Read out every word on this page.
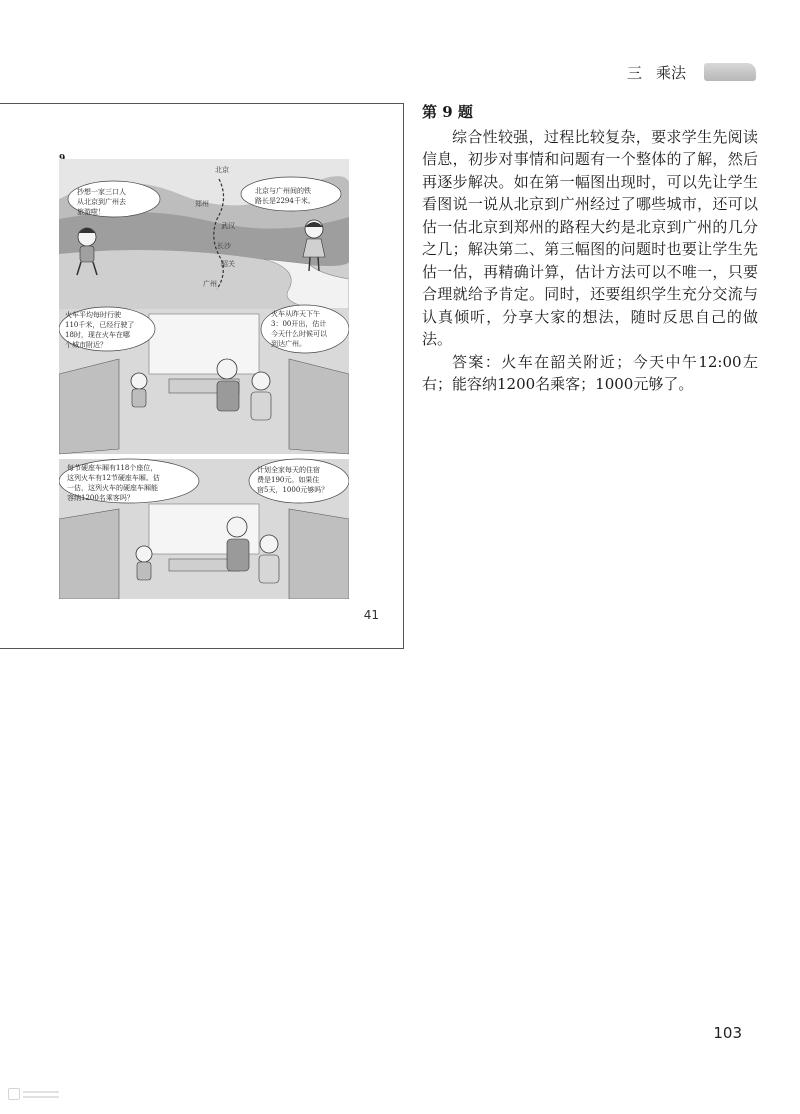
三 乘法
抄想一家三口人
从北京到广州去
旅游啦！
北京与广州间的铁
路长是2294千米。
火车平均每时行驶
110千米，已经行驶了
18时，现在火车在哪
个城市附近？
火车从昨天下午
3：00开出，估计
今天什么时候可以
到达广州。
每节硬座车厢有118个座位，
这列火车有12节硬座车厢。估
一估，这列火车的硬座车厢能
容纳1200名乘客吗？
计划全家每天的住宿
费是190元。如果住
宿5天，1000元够吗？
北京
郑州
武汉
长沙
韶关
广州
41
第 9 题

综合性较强，过程比较复杂，要求学生先阅读信息，初步对事情和问题有一个整体的了解，然后再逐步解决。如在第一幅图出现时，可以先让学生看图说一说从北京到广州经过了哪些城市，还可以估一估北京到郑州的路程大约是北京到广州的几分之几；解决第二、第三幅图的问题时也要让学生先估一估，再精确计算，估计方法可以不唯一，只要合理就给予肯定。同时，还要组织学生充分交流与认真倾听，分享大家的想法，随时反思自己的做法。

答案：火车在韶关附近；今天中午12:00左右；能容纳1200名乘客；1000元够了。

103
